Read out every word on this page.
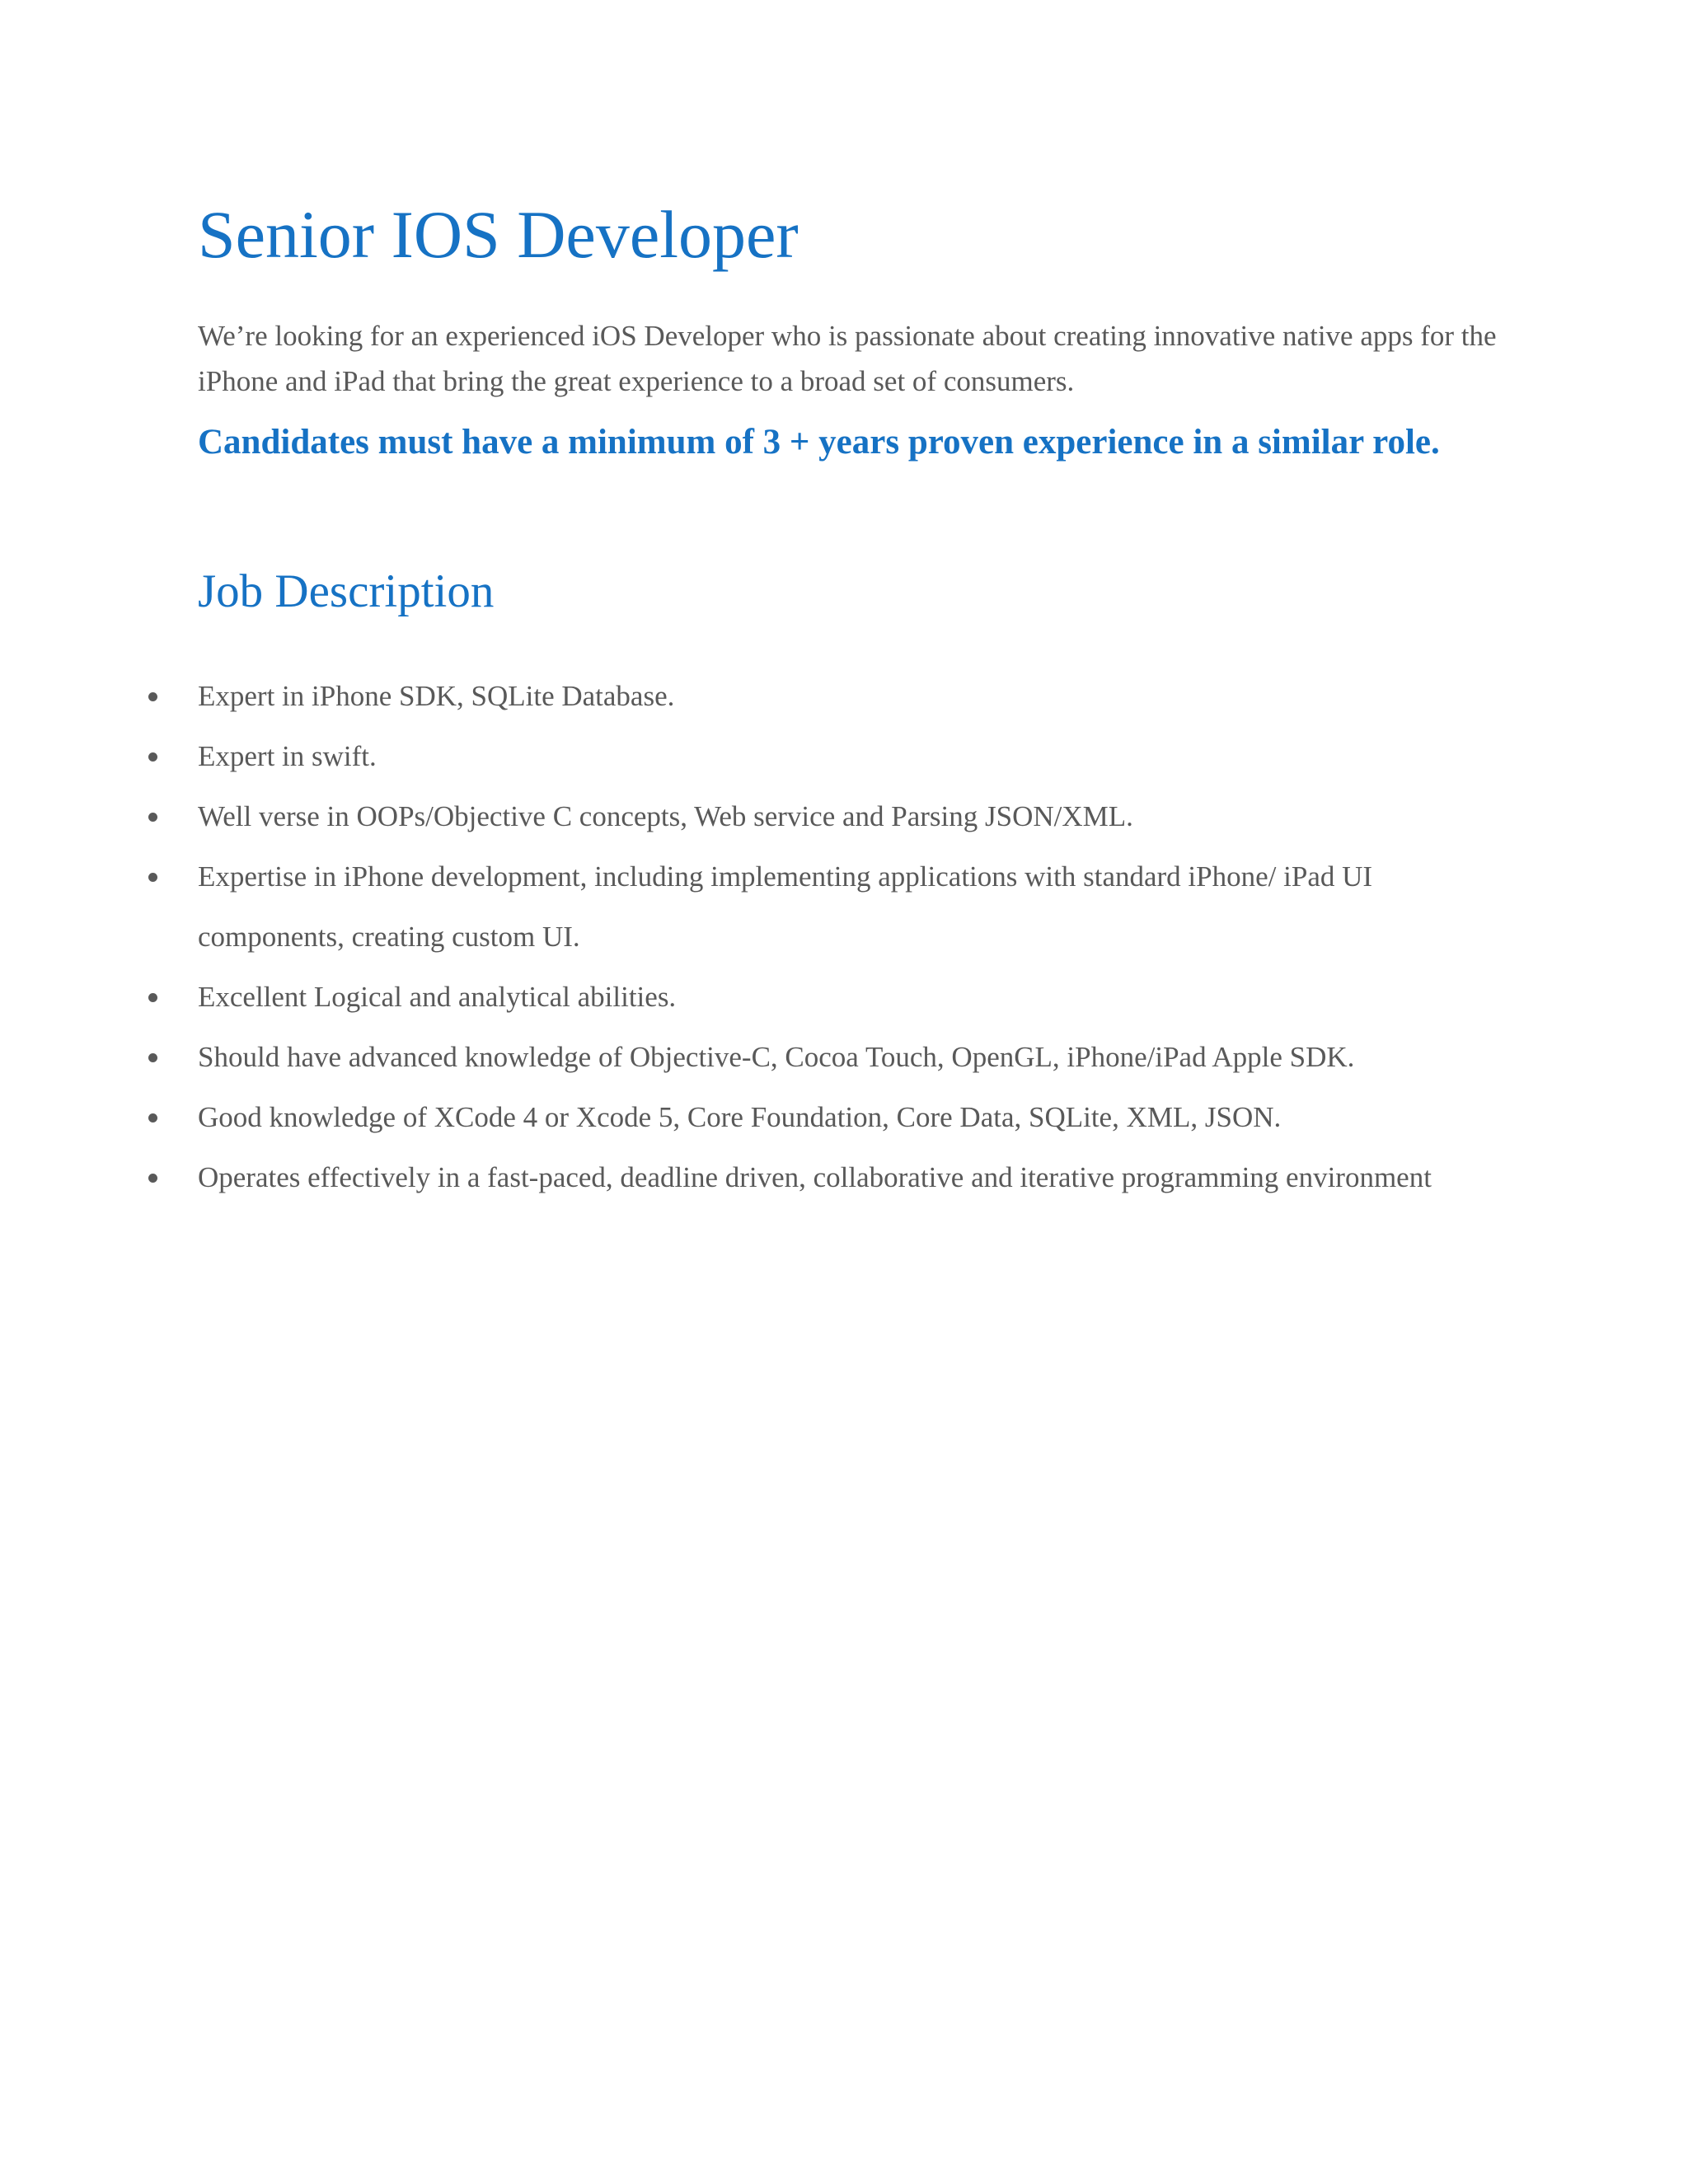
Senior IOS Developer

We’re looking for an experienced iOS Developer who is passionate about creating innovative native apps for the iPhone and iPad that bring the great experience to a broad set of consumers.

Candidates must have a minimum of 3 + years proven experience in a similar role.

Job Description
Expert in iPhone SDK, SQLite Database.
Expert in swift.
Well verse in OOPs/Objective C concepts, Web service and Parsing JSON/XML.
Expertise in iPhone development, including implementing applications with standard iPhone/ iPad UI components, creating custom UI.
Excellent Logical and analytical abilities.
Should have advanced knowledge of Objective-C, Cocoa Touch, OpenGL, iPhone/iPad Apple SDK.
Good knowledge of XCode 4 or Xcode 5, Core Foundation, Core Data, SQLite, XML, JSON.
Operates effectively in a fast-paced, deadline driven, collaborative and iterative programming environment
